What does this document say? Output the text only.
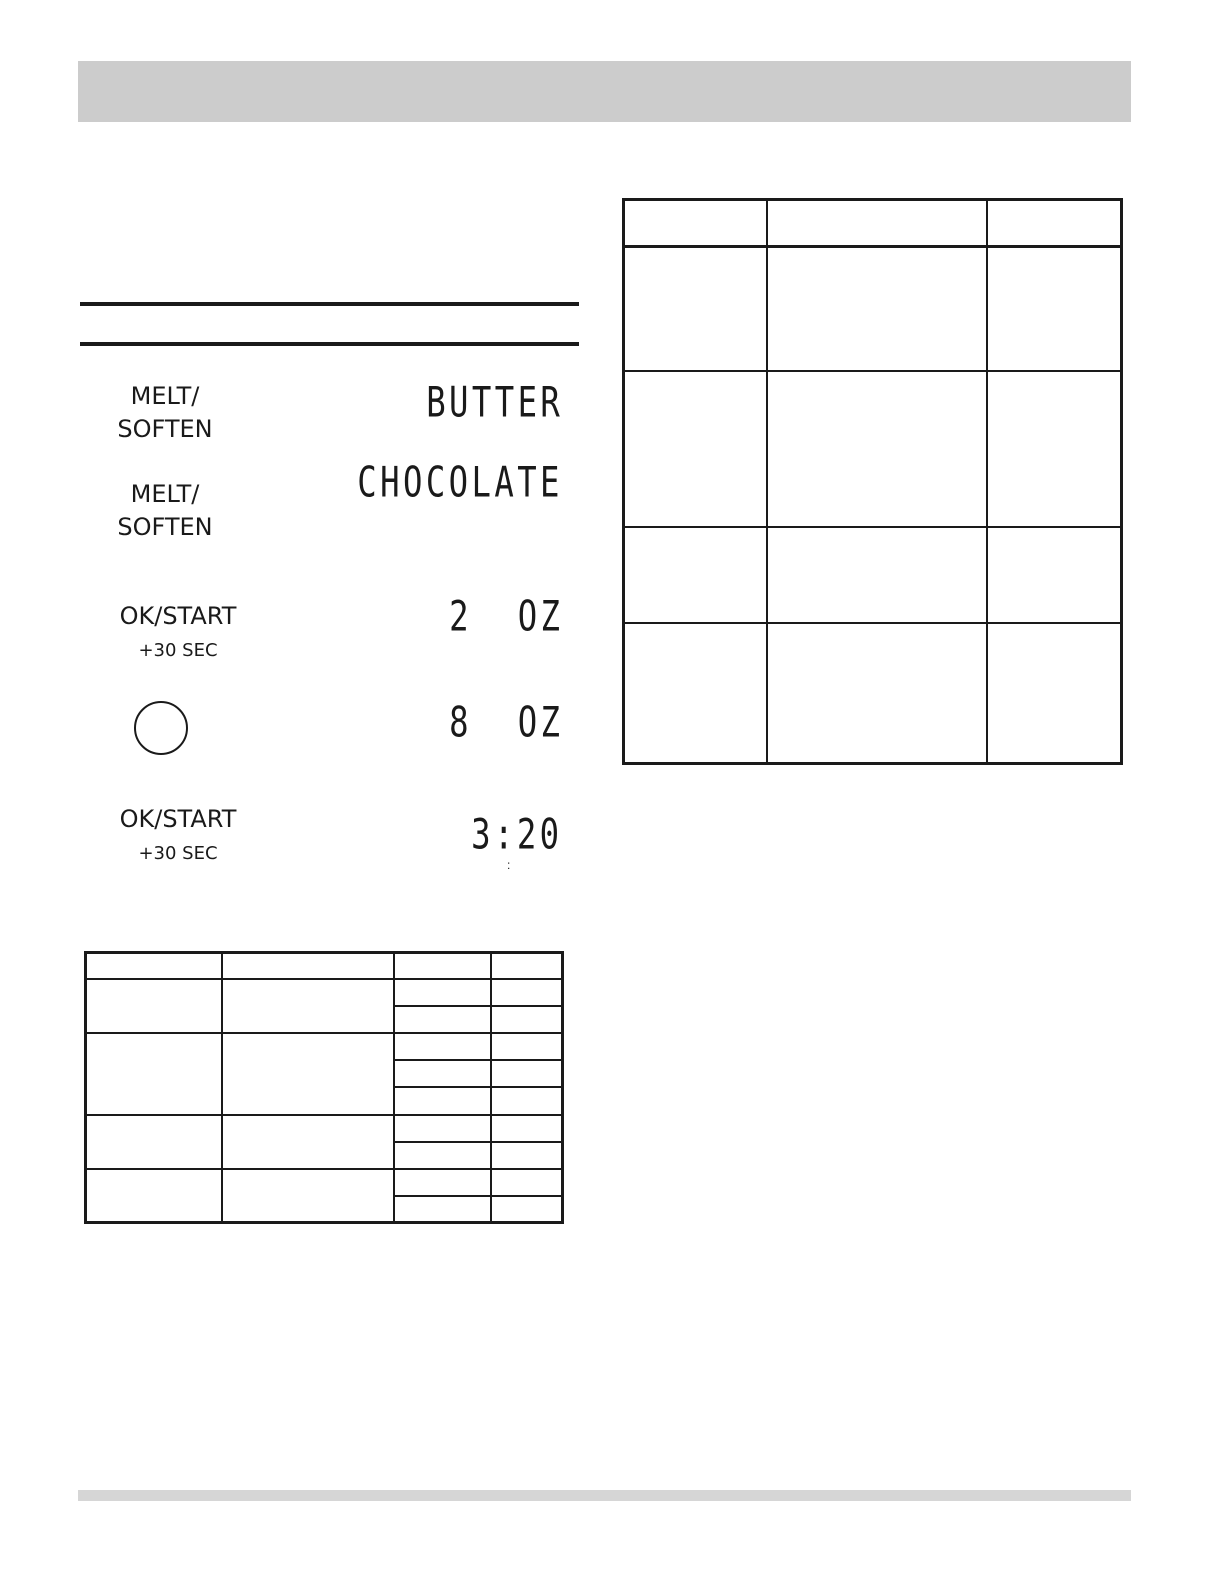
MELT/
SOFTEN
BUTTER
MELT/
SOFTEN
CHOCOLATE
OK/START
+30 SEC
2  OZ
8  OZ
OK/START
+30 SEC	3:20
:
